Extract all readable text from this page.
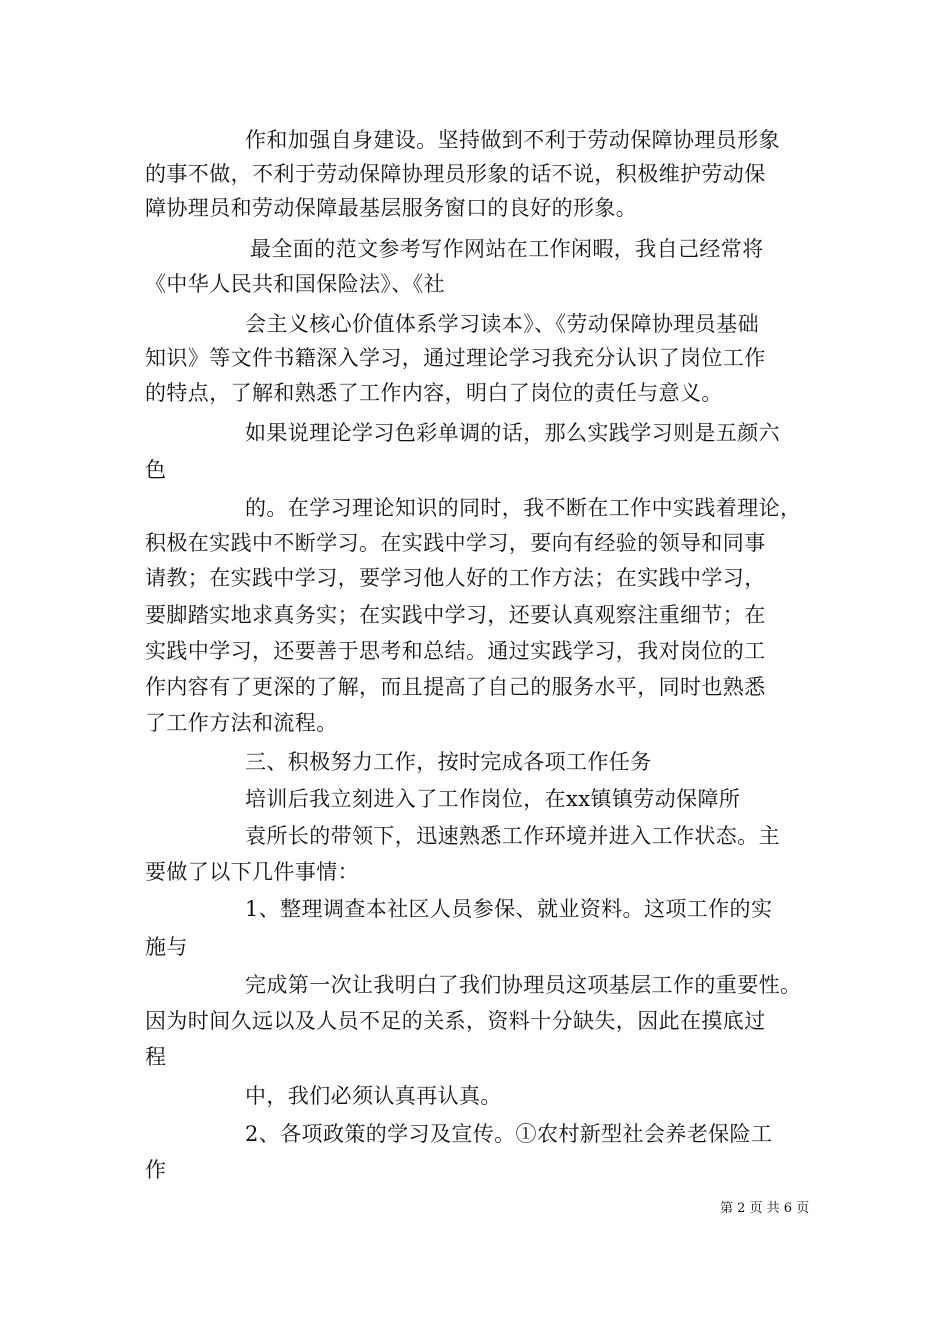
作和加强自身建设。坚持做到不利于劳动保障协理员形象
的事不做，不利于劳动保障协理员形象的话不说，积极维护劳动保
障协理员和劳动保障最基层服务窗口的良好的形象。
最全面的范文参考写作网站在工作闲暇，我自己经常将
《中华人民共和国保险法》、《社
会主义核心价值体系学习读本》、《劳动保障协理员基础
知识》等文件书籍深入学习，通过理论学习我充分认识了岗位工作
的特点，了解和熟悉了工作内容，明白了岗位的责任与意义。
如果说理论学习色彩单调的话，那么实践学习则是五颜六
色
的。在学习理论知识的同时，我不断在工作中实践着理论，
积极在实践中不断学习。在实践中学习，要向有经验的领导和同事
请教；在实践中学习，要学习他人好的工作方法；在实践中学习，
要脚踏实地求真务实；在实践中学习，还要认真观察注重细节；在
实践中学习，还要善于思考和总结。通过实践学习，我对岗位的工
作内容有了更深的了解，而且提高了自己的服务水平，同时也熟悉
了工作方法和流程。
三、积极努力工作，按时完成各项工作任务
培训后我立刻进入了工作岗位，在xx镇镇劳动保障所
袁所长的带领下，迅速熟悉工作环境并进入工作状态。主
要做了以下几件事情：
1、整理调查本社区人员参保、就业资料。这项工作的实
施与
完成第一次让我明白了我们协理员这项基层工作的重要性。
因为时间久远以及人员不足的关系，资料十分缺失，因此在摸底过
程
中，我们必须认真再认真。
2、各项政策的学习及宣传。①农村新型社会养老保险工
作
第 2 页 共 6 页
